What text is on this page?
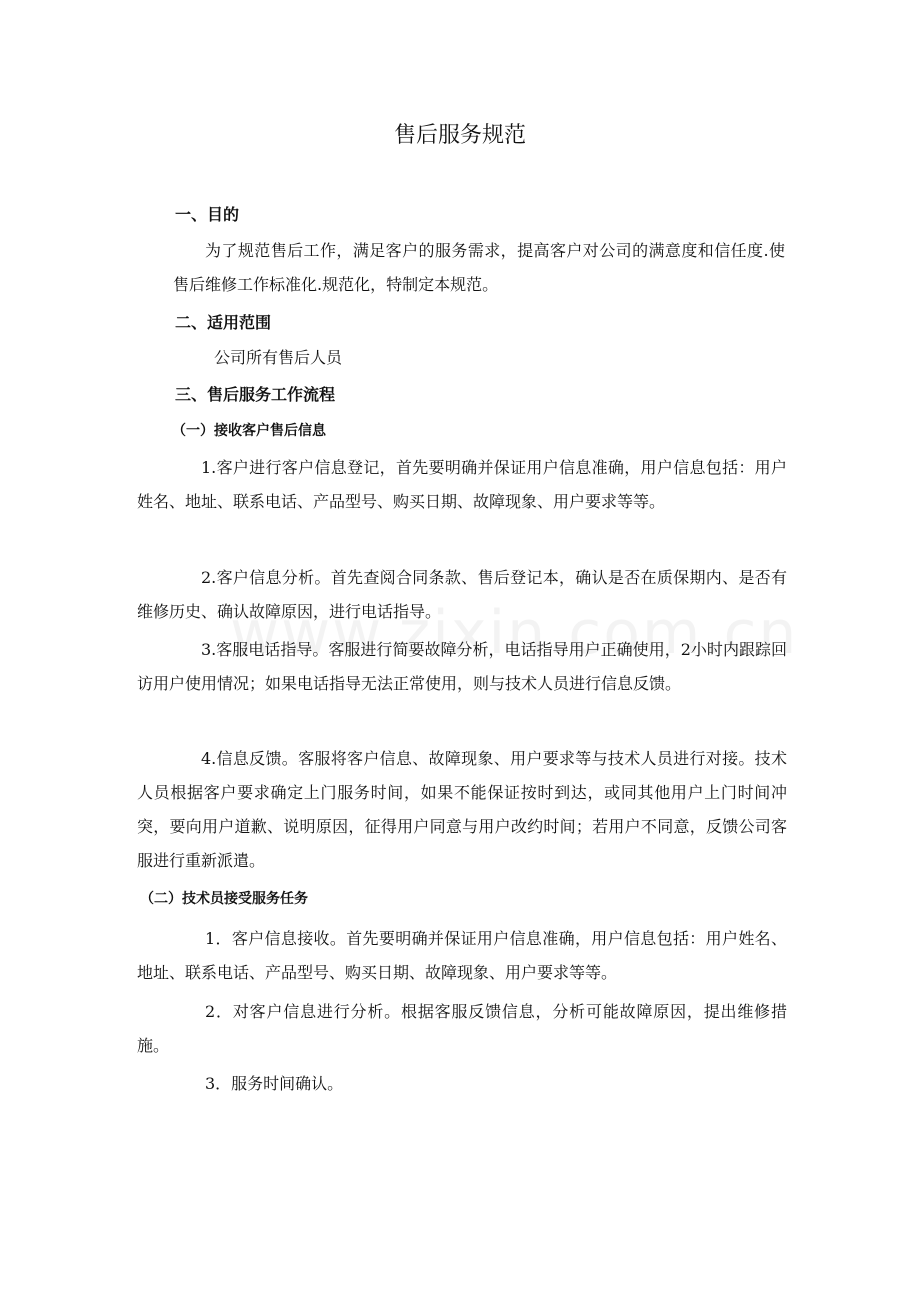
售后服务规范
一、目的
为了规范售后工作，满足客户的服务需求，提高客户对公司的满意度和信任度.使售后维修工作标准化.规范化，特制定本规范。
二、适用范围
公司所有售后人员
三、售后服务工作流程
（一）接收客户售后信息
1.客户进行客户信息登记，首先要明确并保证用户信息准确，用户信息包括：用户姓名、地址、联系电话、产品型号、购买日期、故障现象、用户要求等等。
2.客户信息分析。首先查阅合同条款、售后登记本，确认是否在质保期内、是否有维修历史、确认故障原因，进行电话指导。
3.客服电话指导。客服进行简要故障分析，电话指导用户正确使用，2小时内跟踪回访用户使用情况；如果电话指导无法正常使用，则与技术人员进行信息反馈。
4.信息反馈。客服将客户信息、故障现象、用户要求等与技术人员进行对接。技术人员根据客户要求确定上门服务时间，如果不能保证按时到达，或同其他用户上门时间冲突，要向用户道歉、说明原因，征得用户同意与用户改约时间；若用户不同意，反馈公司客服进行重新派遣。
（二）技术员接受服务任务
1．客户信息接收。首先要明确并保证用户信息准确，用户信息包括：用户姓名、地址、联系电话、产品型号、购买日期、故障现象、用户要求等等。
2．对客户信息进行分析。根据客服反馈信息，分析可能故障原因，提出维修措施。
3．服务时间确认。
